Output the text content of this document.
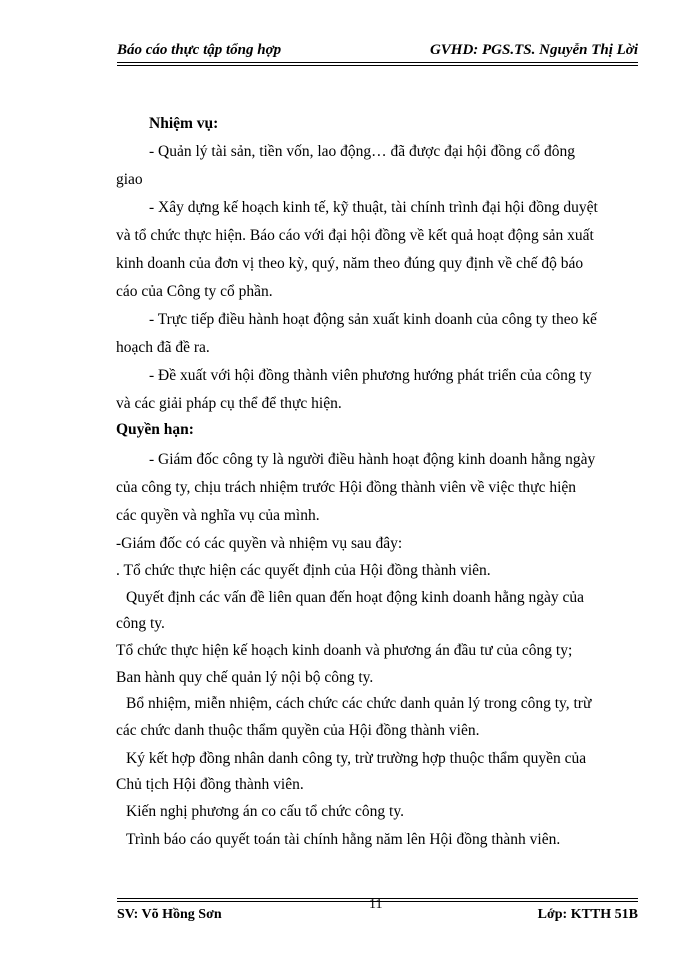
Báo cáo thực tập tổng hợp	GVHD: PGS.TS. Nguyễn Thị Lời
Nhiệm vụ:
- Quản lý tài sản, tiền vốn, lao động… đã được đại hội đồng cổ đông
giao
- Xây dựng kế hoạch kinh tế, kỹ thuật, tài chính trình đại hội đồng duyệt
và tổ chức thực hiện. Báo cáo với đại hội đồng về kết quả hoạt động sản xuất
kinh doanh của đơn vị theo kỳ, quý, năm theo đúng quy định về chế độ báo
cáo của Công ty cổ phần.
- Trực tiếp điều hành hoạt động sản xuất kinh doanh của công ty theo kế
hoạch đã đề ra.
- Đề xuất với hội đồng thành viên phương hướng phát triển của công ty
và các giải pháp cụ thể để thực hiện.
Quyền hạn:
- Giám đốc công ty là người điều hành hoạt động kinh doanh hằng ngày
của công ty, chịu trách nhiệm trước Hội đồng thành viên về việc thực hiện
các quyền và nghĩa vụ của mình.
-Giám đốc có các quyền và nhiệm vụ sau đây:
. Tổ chức thực hiện các quyết định của Hội đồng thành viên.
Quyết định các vấn đề liên quan đến hoạt động kinh doanh hằng ngày của
công ty.
Tổ chức thực hiện kế hoạch kinh doanh và phương án đầu tư của công ty;
Ban hành quy chế quản lý nội bộ công ty.
Bổ nhiệm, miễn nhiệm, cách chức các chức danh quản lý trong công ty, trừ
các chức danh thuộc thẩm quyền của Hội đồng thành viên.
Ký kết hợp đồng nhân danh công ty, trừ trường hợp thuộc thẩm quyền của
Chủ tịch Hội đồng thành viên.
Kiến nghị phương án co cấu tổ chức công ty.
Trình báo cáo quyết toán tài chính hằng năm lên Hội đồng thành viên.
SV: Võ Hồng Sơn
11
Lớp: KTTH 51B
